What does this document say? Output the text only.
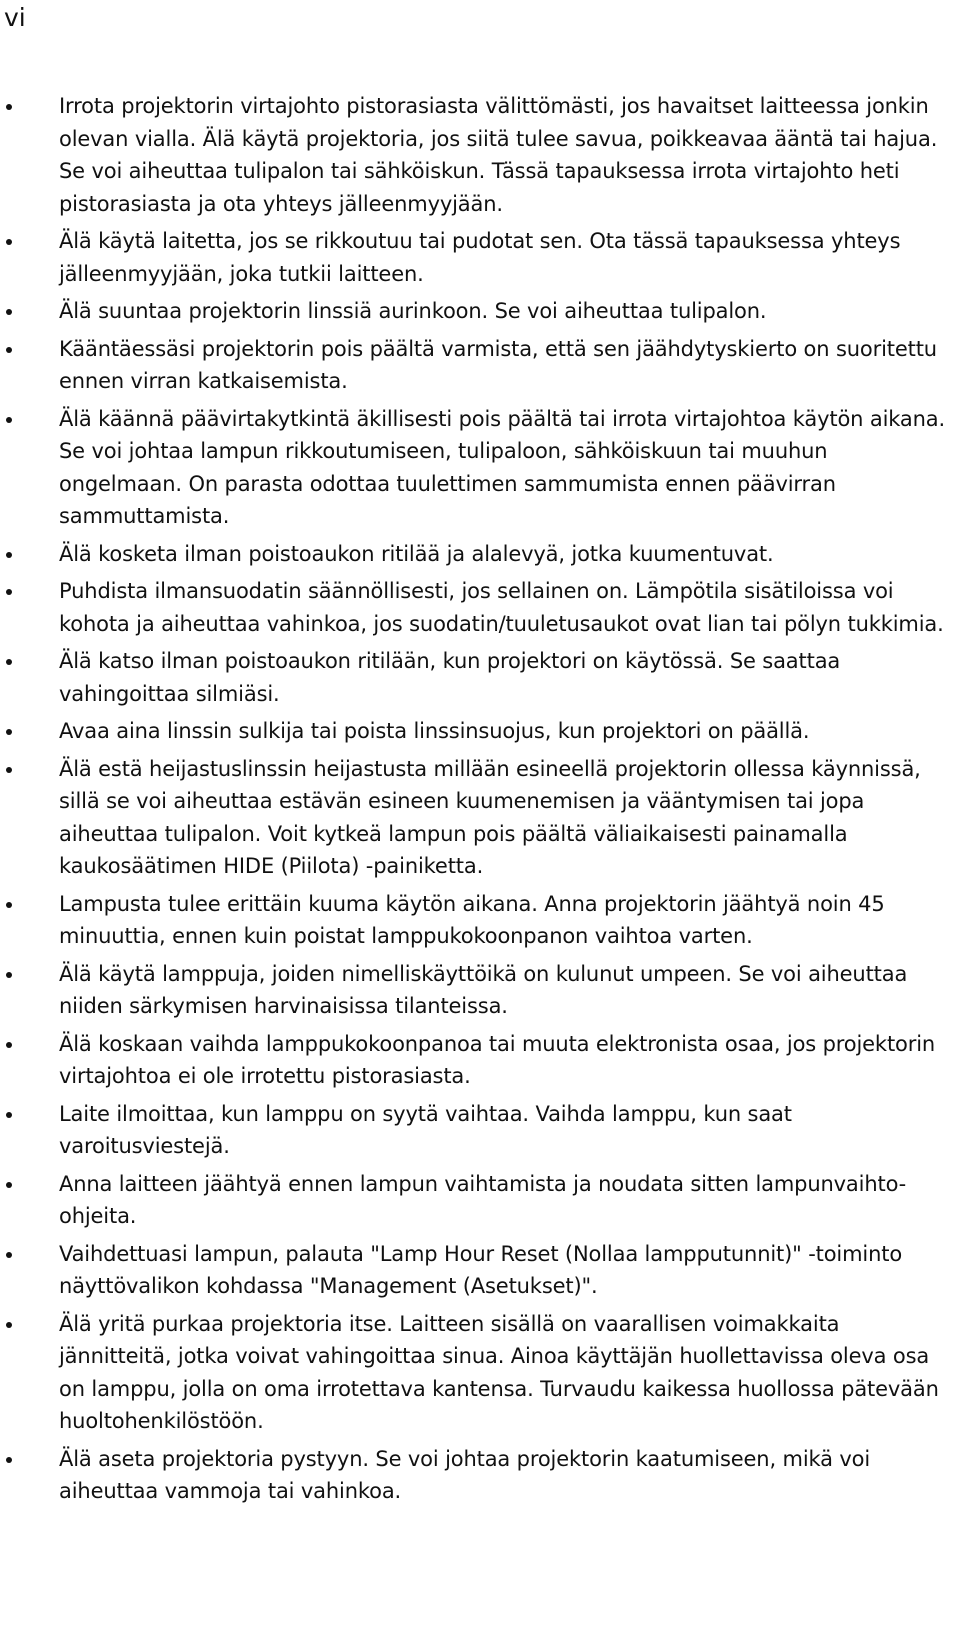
vi
Irrota projektorin virtajohto pistorasiasta välittömästi, jos havaitset laitteessa jonkin olevan vialla. Älä käytä projektoria, jos siitä tulee savua, poikkeavaa ääntä tai hajua. Se voi aiheuttaa tulipalon tai sähköiskun. Tässä tapauksessa irrota virtajohto heti pistorasiasta ja ota yhteys jälleenmyyjään.
Älä käytä laitetta, jos se rikkoutuu tai pudotat sen. Ota tässä tapauksessa yhteys jälleenmyyjään, joka tutkii laitteen.
Älä suuntaa projektorin linssiä aurinkoon. Se voi aiheuttaa tulipalon.
Kääntäessäsi projektorin pois päältä varmista, että sen jäähdytyskierto on suoritettu ennen virran katkaisemista.
Älä käännä päävirtakytkintä äkillisesti pois päältä tai irrota virtajohtoa käytön aikana. Se voi johtaa lampun rikkoutumiseen, tulipaloon, sähköiskuun tai muuhun ongelmaan. On parasta odottaa tuulettimen sammumista ennen päävirran sammuttamista.
Älä kosketa ilman poistoaukon ritilää ja alalevyä, jotka kuumentuvat.
Puhdista ilmansuodatin säännöllisesti, jos sellainen on. Lämpötila sisätiloissa voi kohota ja aiheuttaa vahinkoa, jos suodatin/tuuletusaukot ovat lian tai pölyn tukkimia.
Älä katso ilman poistoaukon ritilään, kun projektori on käytössä. Se saattaa vahingoittaa silmiäsi.
Avaa aina linssin sulkija tai poista linssinsuojus, kun projektori on päällä.
Älä estä heijastuslinssin heijastusta millään esineellä projektorin ollessa käynnissä, sillä se voi aiheuttaa estävän esineen kuumenemisen ja vääntymisen tai jopa aiheuttaa tulipalon. Voit kytkeä lampun pois päältä väliaikaisesti painamalla kaukosäätimen HIDE (Piilota) -painiketta.
Lampusta tulee erittäin kuuma käytön aikana. Anna projektorin jäähtyä noin 45 minuuttia, ennen kuin poistat lamppukokoonpanon vaihtoa varten.
Älä käytä lamppuja, joiden nimelliskäyttöikä on kulunut umpeen. Se voi aiheuttaa niiden särkymisen harvinaisissa tilanteissa.
Älä koskaan vaihda lamppukokoonpanoa tai muuta elektronista osaa, jos projektorin virtajohtoa ei ole irrotettu pistorasiasta.
Laite ilmoittaa, kun lamppu on syytä vaihtaa. Vaihda lamppu, kun saat varoitusviestejä.
Anna laitteen jäähtyä ennen lampun vaihtamista ja noudata sitten lampunvaihto-ohjeita.
Vaihdettuasi lampun, palauta "Lamp Hour Reset (Nollaa lampputunnit)" -toiminto näyttövalikon kohdassa "Management (Asetukset)".
Älä yritä purkaa projektoria itse. Laitteen sisällä on vaarallisen voimakkaita jännitteitä, jotka voivat vahingoittaa sinua. Ainoa käyttäjän huollettavissa oleva osa on lamppu, jolla on oma irrotettava kantensa. Turvaudu kaikessa huollossa pätevään huoltohenkilöstöön.
Älä aseta projektoria pystyyn. Se voi johtaa projektorin kaatumiseen, mikä voi aiheuttaa vammoja tai vahinkoa.
